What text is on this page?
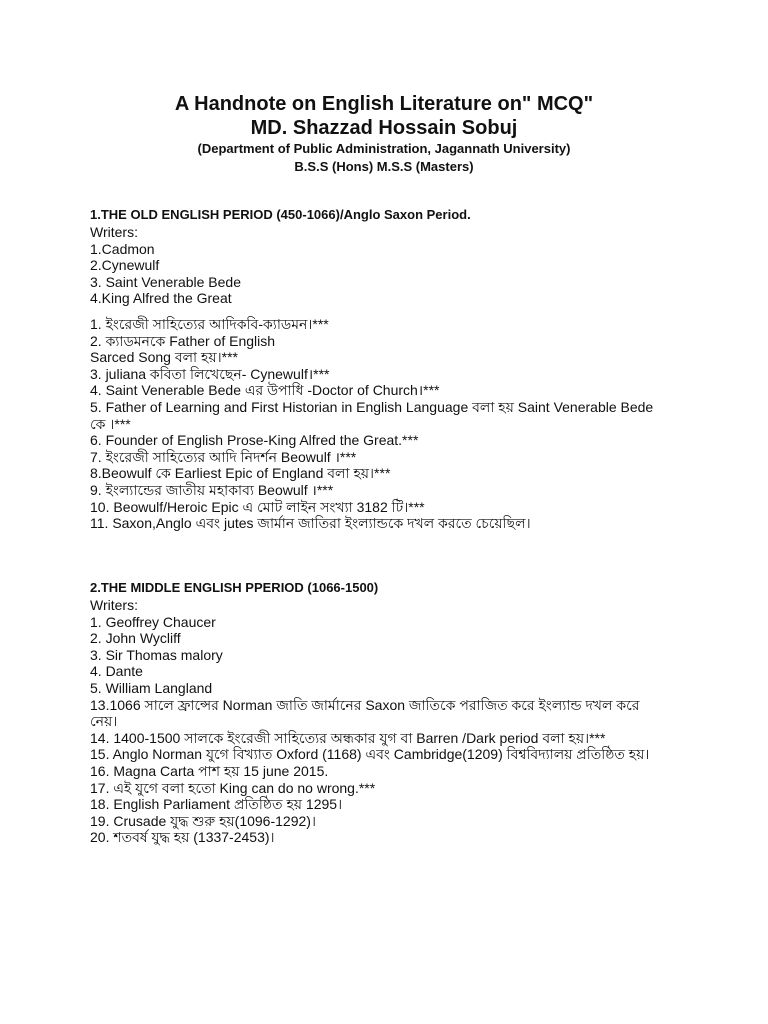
A Handnote on English Literature on" MCQ"

MD. Shazzad Hossain Sobuj

(Department of Public Administration, Jagannath University)

B.S.S (Hons) M.S.S (Masters)

1.THE OLD ENGLISH PERIOD (450-1066)/Anglo Saxon Period.

Writers:

1.Cadmon

2.Cynewulf

3. Saint Venerable Bede

4.King Alfred the Great

1. ইংরেজী সাহিত্যের আদিকবি-ক্যাডমন।***

2. ক্যাডমনকে Father of English

Sarced Song বলা হয়।***

3. juliana কবিতা লিখেছেন- Cynewulf।***

4. Saint Venerable Bede এর উপাধি -Doctor of Church।***

5. Father of Learning and First Historian in English Language বলা হয় Saint Venerable Bede

কে ।***

6. Founder of English Prose-King Alfred the Great.***

7. ইংরেজী সাহিত্যের আদি নিদর্শন Beowulf ।***

8.Beowulf কে Earliest Epic of England বলা হয়।***

9. ইংল্যান্ডের জাতীয় মহাকাব্য Beowulf ।***

10. Beowulf/Heroic Epic এ মোট লাইন সংখ্যা 3182 টি।***

11. Saxon,Anglo এবং jutes জার্মান জাতিরা ইংল্যান্ডকে দখল করতে চেয়েছিল।

2.THE MIDDLE ENGLISH PPERIOD (1066-1500)

Writers:

1. Geoffrey Chaucer

2. John Wycliff

3. Sir Thomas malory

4. Dante

5. William Langland

13.1066 সালে ফ্রান্সের Norman জাতি জার্মানের Saxon জাতিকে পরাজিত করে ইংল্যান্ড দখল করে

নেয়।

14. 1400-1500 সালকে ইংরেজী সাহিত্যের অন্ধকার যুগ বা Barren /Dark period বলা হয়।***

15. Anglo Norman যুগে বিখ্যাত Oxford (1168) এবং Cambridge(1209) বিশ্ববিদ্যালয় প্রতিষ্ঠিত হয়।

16. Magna Carta পাশ হয় 15 june 2015.

17. এই যুগে বলা হতো King can do no wrong.***

18. English Parliament প্রতিষ্ঠিত হয় 1295।

19. Crusade যুদ্ধ শুরু হয়(1096-1292)।

20. শতবর্ষ যুদ্ধ হয় (1337-2453)।
